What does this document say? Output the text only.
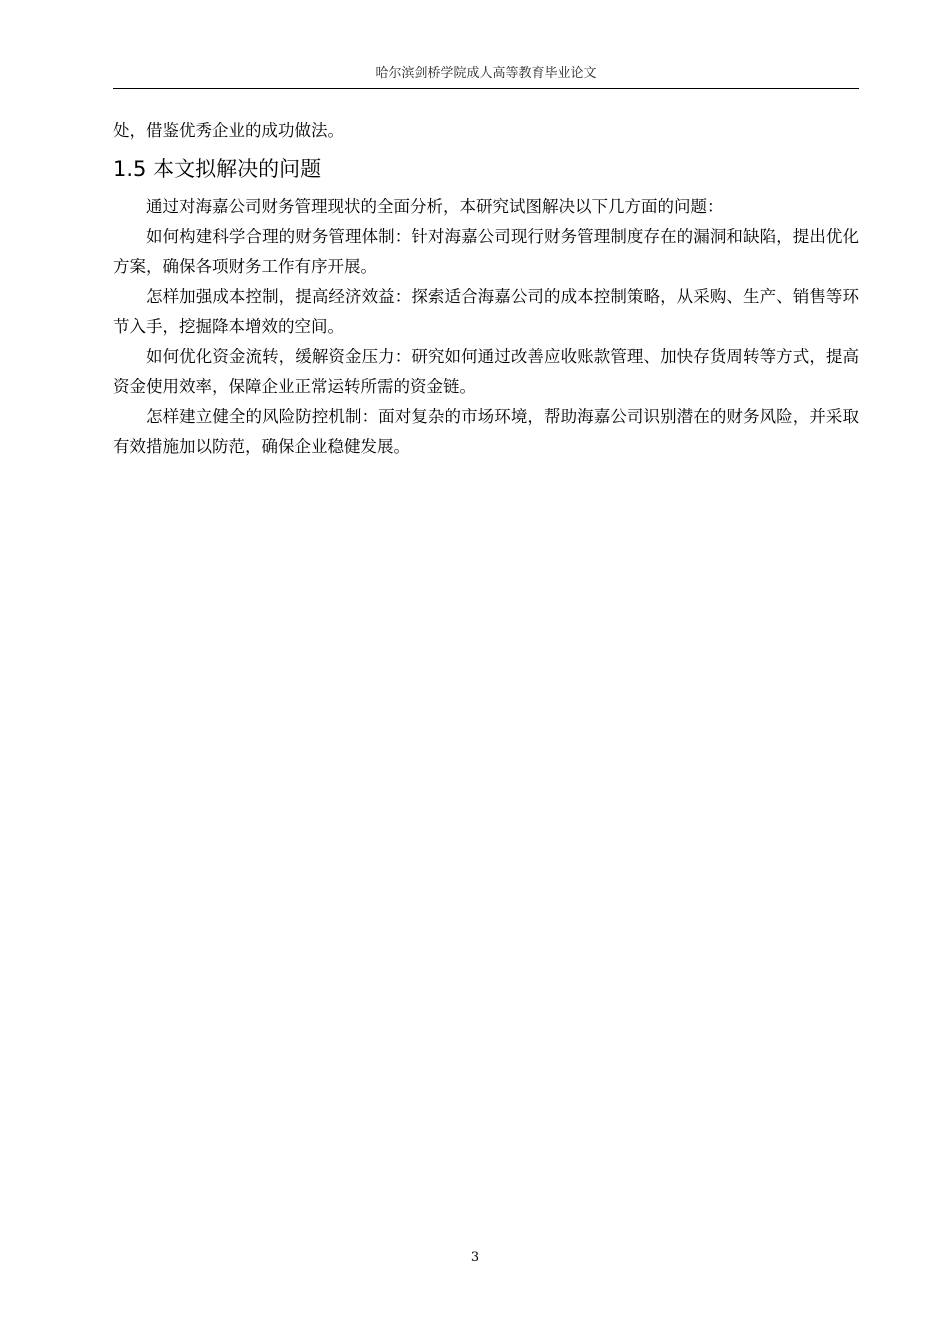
哈尔滨剑桥学院成人高等教育毕业论文

处，借鉴优秀企业的成功做法。

1.5 本文拟解决的问题

通过对海嘉公司财务管理现状的全面分析，本研究试图解决以下几方面的问题：

如何构建科学合理的财务管理体制：针对海嘉公司现行财务管理制度存在的漏洞和缺陷，提出优化方案，确保各项财务工作有序开展。

怎样加强成本控制，提高经济效益：探索适合海嘉公司的成本控制策略，从采购、生产、销售等环节入手，挖掘降本增效的空间。

如何优化资金流转，缓解资金压力：研究如何通过改善应收账款管理、加快存货周转等方式，提高资金使用效率，保障企业正常运转所需的资金链。

怎样建立健全的风险防控机制：面对复杂的市场环境，帮助海嘉公司识别潜在的财务风险，并采取有效措施加以防范，确保企业稳健发展。

3
